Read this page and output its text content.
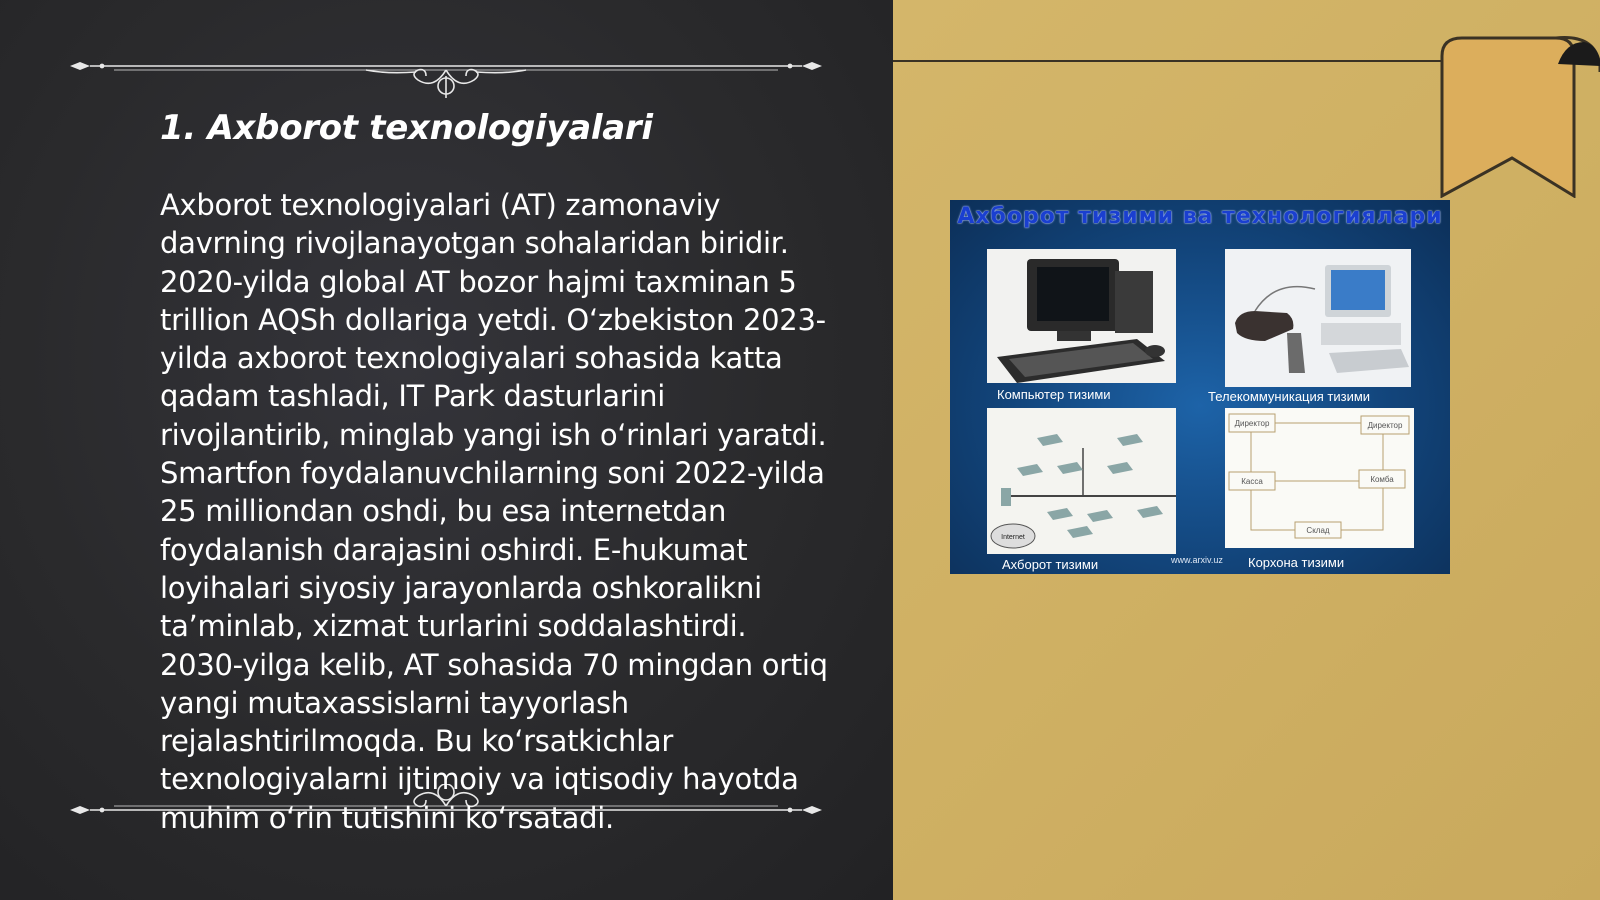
1. Axborot texnologiyalari
Axborot texnologiyalari (AT) zamonaviy davrning rivojlanayotgan sohalaridan biridir. 2020-yilda global AT bozor hajmi taxminan 5 trillion AQSh dollariga yetdi. O‘zbekiston 2023-yilda axborot texnologiyalari sohasida katta qadam tashladi, IT Park dasturlarini rivojlantirib, minglab yangi ish o‘rinlari yaratdi. Smartfon foydalanuvchilarning soni 2022-yilda 25 milliondan oshdi, bu esa internetdan foydalanish darajasini oshirdi. E-hukumat loyihalari siyosiy jarayonlarda oshkoralikni ta’minlab, xizmat turlarini soddalashtirdi. 2030-yilga kelib, AT sohasida 70 mingdan ortiq yangi mutaxassislarni tayyorlash rejalashtirilmoqda. Bu ko‘rsatkichlar texnologiyalarni ijtimoiy va iqtisodiy hayotda muhim o‘rin tutishini ko‘rsatadi.
Ахборот тизими ва технологиялари
Internet
Директор	Директор
Касса	Комба
Склад
Компьютер тизими	Телекоммуникация тизими
Ахборот тизими	www.arxiv.uz Корхона тизими
